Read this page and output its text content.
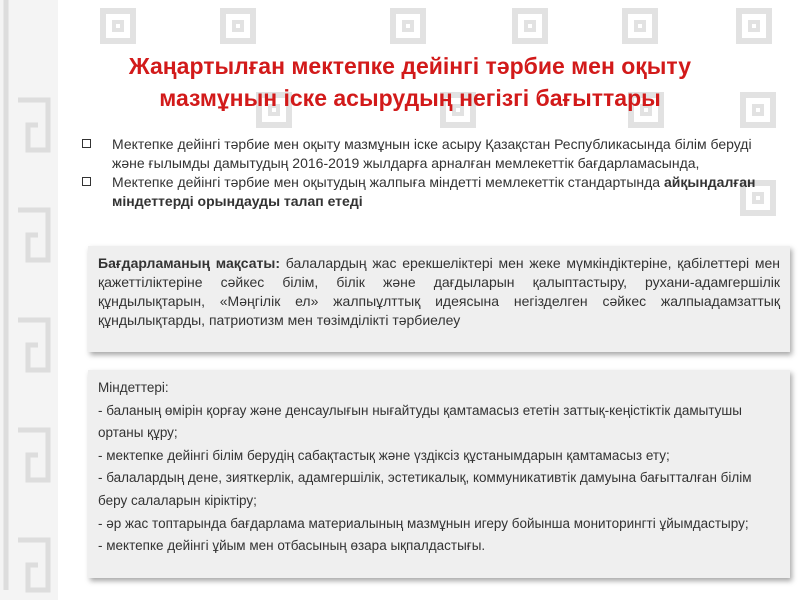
Жаңартылған мектепке дейінгі тәрбие мен оқыту
мазмұнын іске асырудың негізгі бағыттары
Мектепке дейінгі тәрбие мен оқыту мазмұнын іске асыру Қазақстан Республикасында білім беруді және ғылымды дамытудың 2016-2019 жылдарға арналған мемлекеттік бағдарламасында,
Мектепке дейінгі тәрбие мен оқытудың жалпыға міндетті мемлекеттік стандартында айқындалған міндеттерді орындауды талап етеді
Бағдарламаның мақсаты: балалардың жас ерекшеліктері мен жеке мүмкіндіктеріне, қабілеттері мен қажеттіліктеріне сәйкес білім, білік және дағдыларын қалыптастыру, рухани-адамгершілік құндылықтарын, «Мәңгілік ел» жалпыұлттық идеясына негізделген сәйкес жалпыадамзаттық құндылықтарды, патриотизм мен төзімділікті тәрбиелеу
Міндеттері:
- баланың өмірін қорғау және денсаулығын нығайтуды қамтамасыз ететін заттық-кеңістіктік дамытушы ортаны құру;
- мектепке дейінгі білім берудің сабақтастық және үздіксіз құстанымдарын қамтамасыз ету;
- балалардың дене, зияткерлік, адамгершілік, эстетикалық, коммуникативтік дамуына бағытталған білім беру салаларын кіріктіру;
- әр жас топтарында бағдарлама материалының мазмұнын игеру бойынша мониторингті ұйымдастыру;
- мектепке дейінгі ұйым мен отбасының өзара ықпалдастығы.
